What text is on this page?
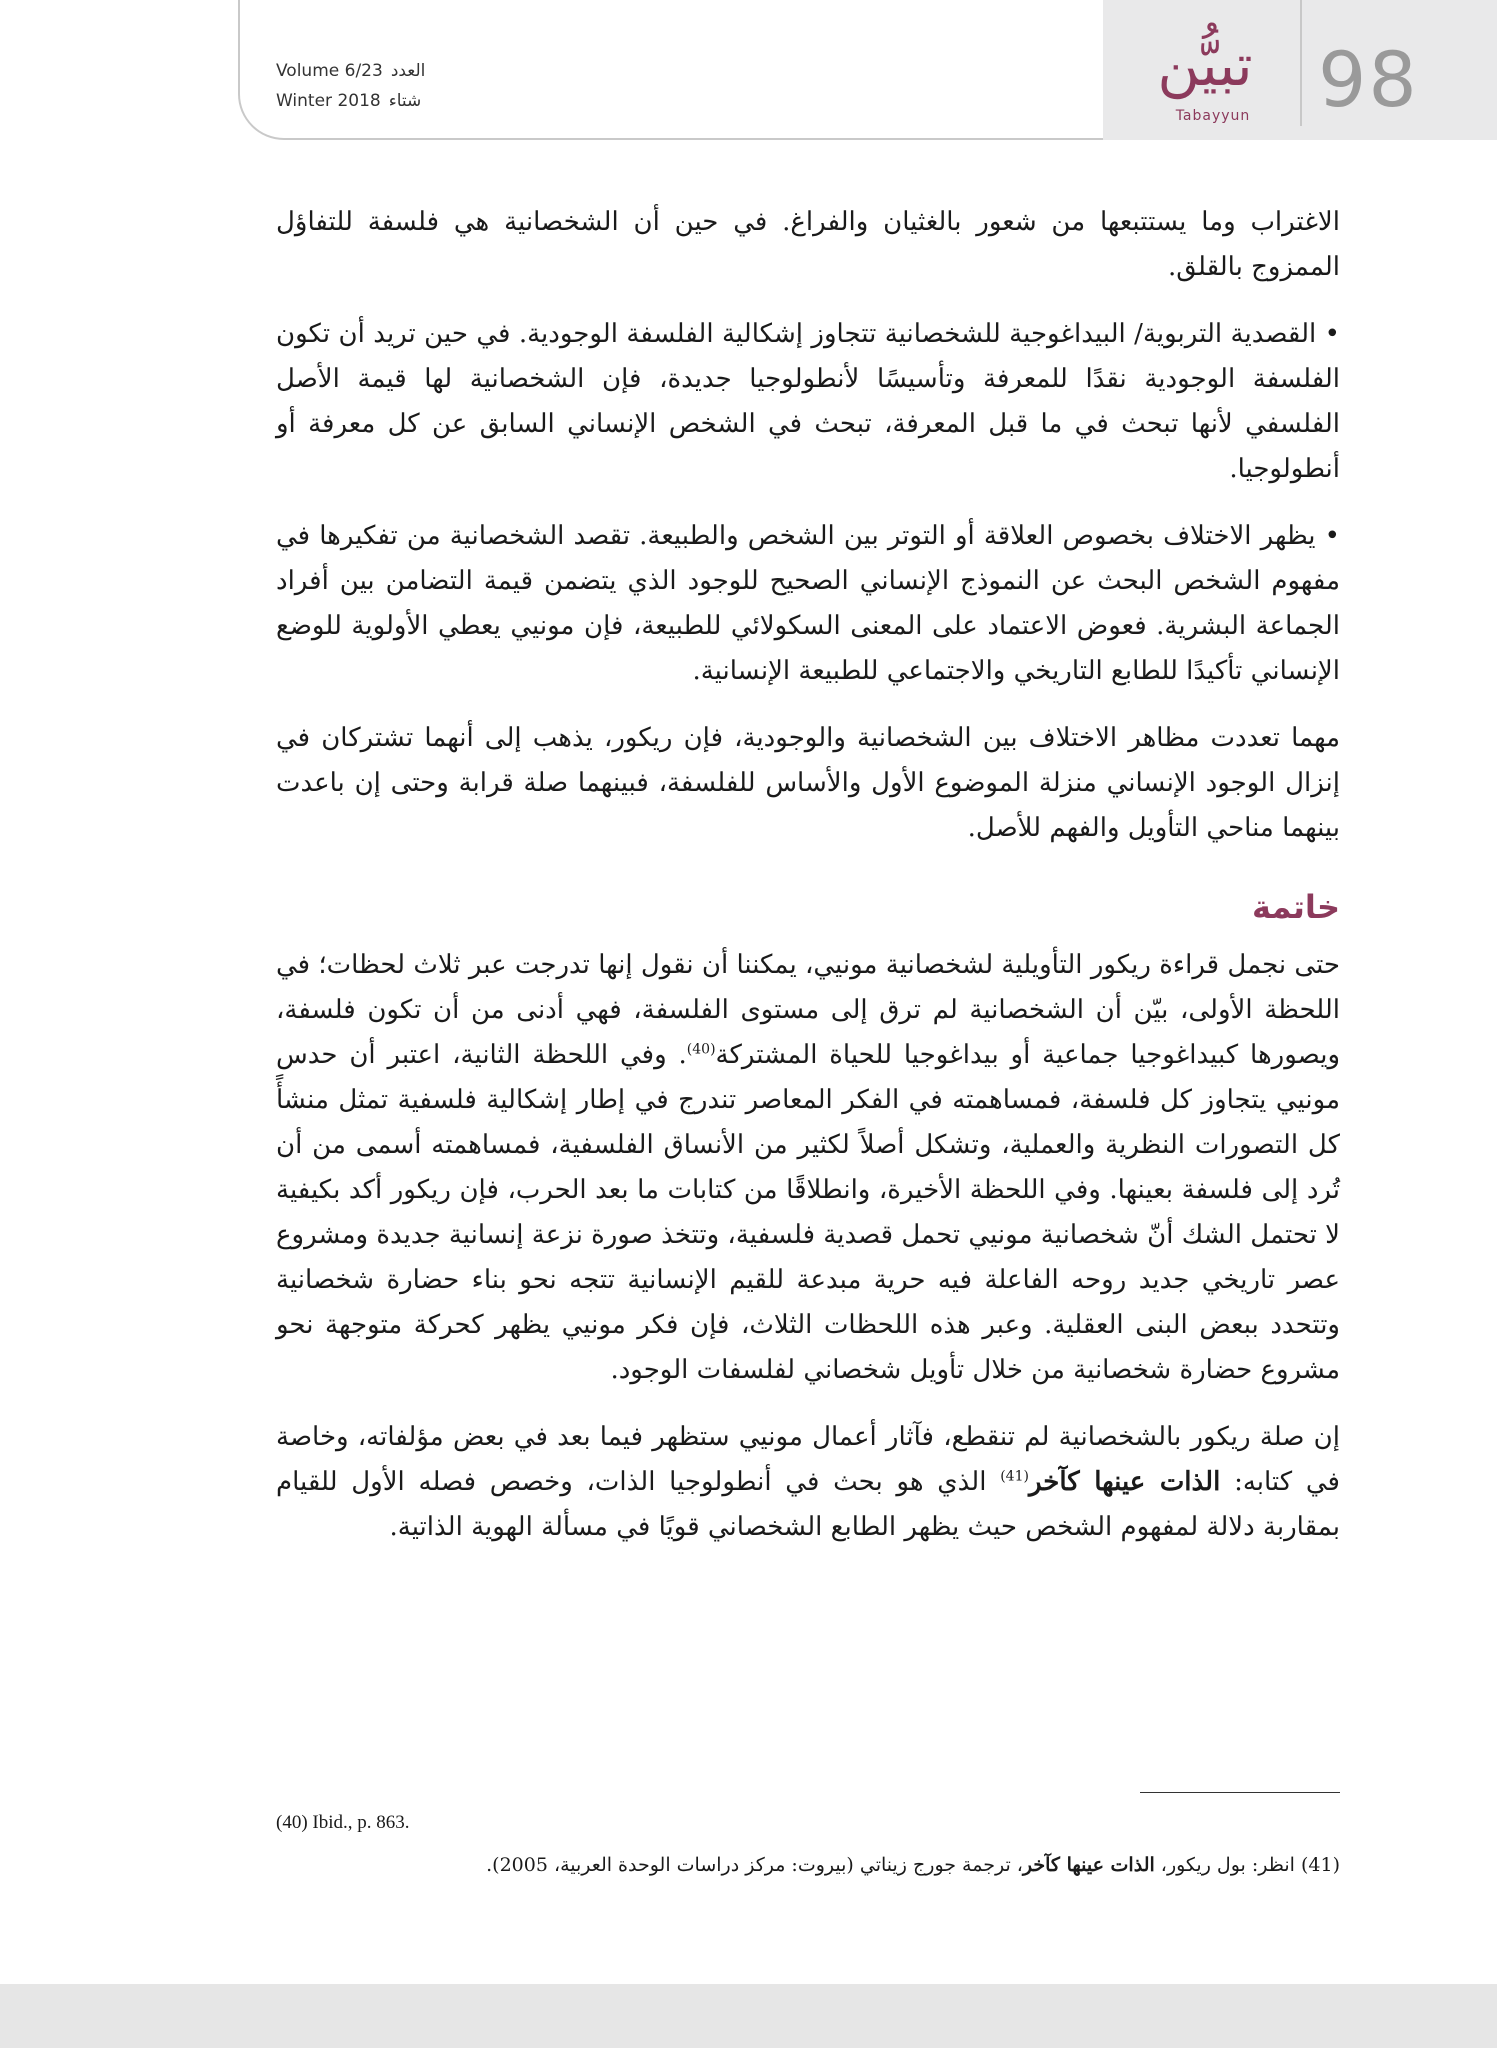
98
تبيُّن
Tabayyun
Volume 6/23 العدد
Winter 2018 شتاء

الاغتراب وما يستتبعها من شعور بالغثيان والفراغ. في حين أن الشخصانية هي فلسفة للتفاؤل الممزوج بالقلق.

• القصدية التربوية/ البيداغوجية للشخصانية تتجاوز إشكالية الفلسفة الوجودية. في حين تريد أن تكون الفلسفة الوجودية نقدًا للمعرفة وتأسيسًا لأنطولوجيا جديدة، فإن الشخصانية لها قيمة الأصل الفلسفي لأنها تبحث في ما قبل المعرفة، تبحث في الشخص الإنساني السابق عن كل معرفة أو أنطولوجيا.

• يظهر الاختلاف بخصوص العلاقة أو التوتر بين الشخص والطبيعة. تقصد الشخصانية من تفكيرها في مفهوم الشخص البحث عن النموذج الإنساني الصحيح للوجود الذي يتضمن قيمة التضامن بين أفراد الجماعة البشرية. فعوض الاعتماد على المعنى السكولائي للطبيعة، فإن مونيي يعطي الأولوية للوضع الإنساني تأكيدًا للطابع التاريخي والاجتماعي للطبيعة الإنسانية.

مهما تعددت مظاهر الاختلاف بين الشخصانية والوجودية، فإن ريكور، يذهب إلى أنهما تشتركان في إنزال الوجود الإنساني منزلة الموضوع الأول والأساس للفلسفة، فبينهما صلة قرابة وحتى إن باعدت بينهما مناحي التأويل والفهم للأصل.

خاتمة

حتى نجمل قراءة ريكور التأويلية لشخصانية مونيي، يمكننا أن نقول إنها تدرجت عبر ثلاث لحظات؛ في اللحظة الأولى، بيّن أن الشخصانية لم ترق إلى مستوى الفلسفة، فهي أدنى من أن تكون فلسفة، ويصورها كبيداغوجيا جماعية أو بيداغوجيا للحياة المشتركة$^{(40)}$. وفي اللحظة الثانية، اعتبر أن حدس مونيي يتجاوز كل فلسفة، فمساهمته في الفكر المعاصر تندرج في إطار إشكالية فلسفية تمثل منشأً كل التصورات النظرية والعملية، وتشكل أصلاً لكثير من الأنساق الفلسفية، فمساهمته أسمى من أن تُرد إلى فلسفة بعينها. وفي اللحظة الأخيرة، وانطلاقًا من كتابات ما بعد الحرب، فإن ريكور أكد بكيفية لا تحتمل الشك أنّ شخصانية مونيي تحمل قصدية فلسفية، وتتخذ صورة نزعة إنسانية جديدة ومشروع عصر تاريخي جديد روحه الفاعلة فيه حرية مبدعة للقيم الإنسانية تتجه نحو بناء حضارة شخصانية وتتحدد ببعض البنى العقلية. وعبر هذه اللحظات الثلاث، فإن فكر مونيي يظهر كحركة متوجهة نحو مشروع حضارة شخصانية من خلال تأويل شخصاني لفلسفات الوجود.

إن صلة ريكور بالشخصانية لم تنقطع، فآثار أعمال مونيي ستظهر فيما بعد في بعض مؤلفاته، وخاصة في كتابه: الذات عينها كآخر$^{(41)}$ الذي هو بحث في أنطولوجيا الذات، وخصص فصله الأول للقيام بمقاربة دلالة لمفهوم الشخص حيث يظهر الطابع الشخصاني قويًا في مسألة الهوية الذاتية.

(40) Ibid., p. 863.
(41) انظر: بول ريكور، الذات عينها كآخر، ترجمة جورج زيناتي (بيروت: مركز دراسات الوحدة العربية، 2005).
